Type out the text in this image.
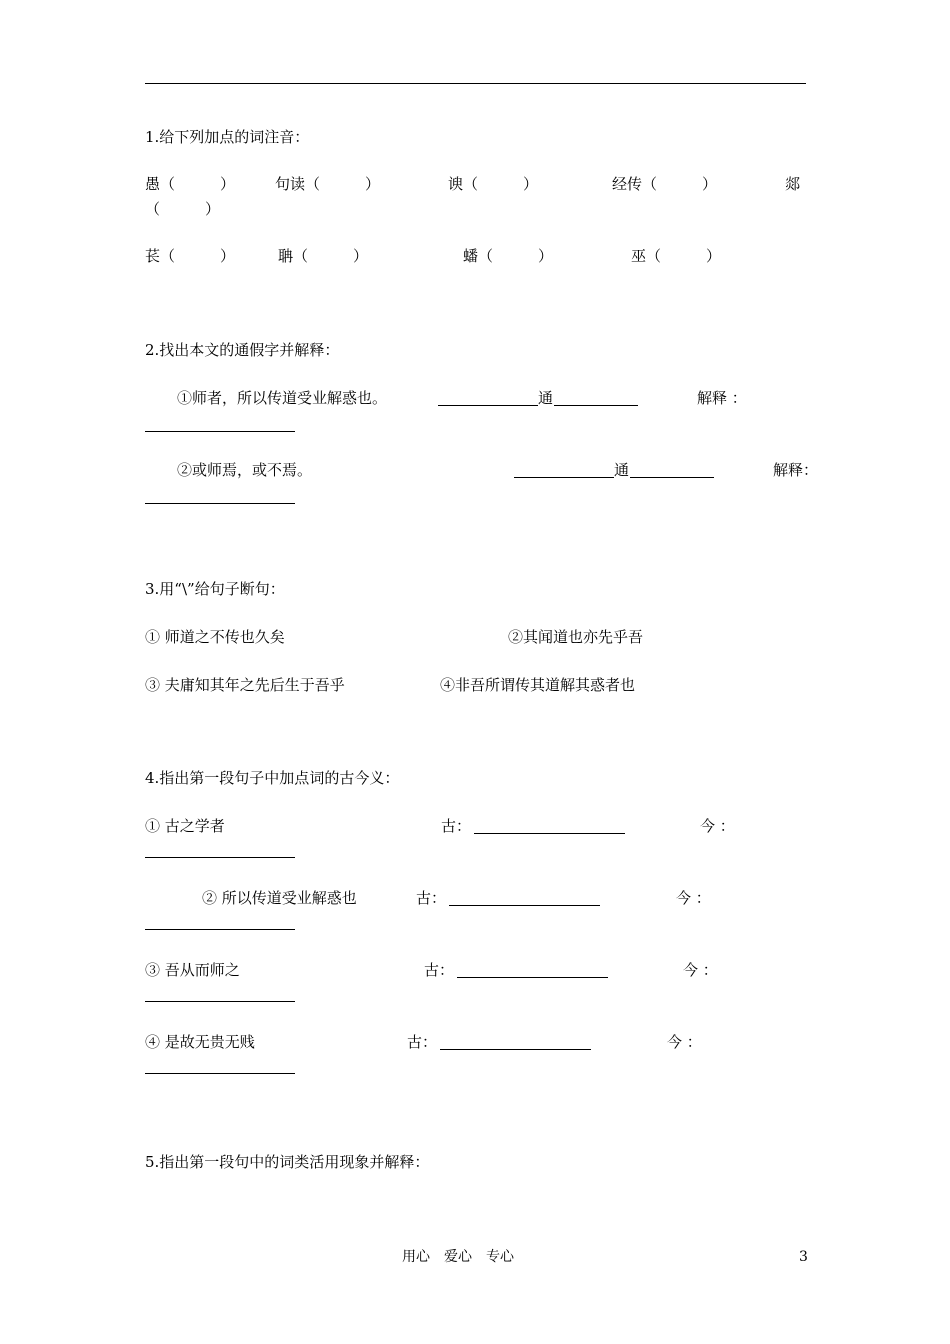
1.给下列加点的词注音：
愚（　　　）	句读（　　　）	谀（　　　）	经传（　　　）	郯
（　　　）
苌（　　　）	聃（　　　）	蟠（　　　）	巫（　　　）
2.找出本文的通假字并解释：
①师者，所以传道受业解惑也。	通	解释 ：
②或师焉，或不焉。	通	解释：
3.用“\”给句子断句：
① 师道之不传也久矣	②其闻道也亦先乎吾
③ 夫庸知其年之先后生于吾乎	④非吾所谓传其道解其惑者也
4.指出第一段句子中加点词的古今义：
① 古之学者	古：	今 ：
② 所以传道受业解惑也	古：	今 ：
③ 吾从而师之	古：	今 ：
④ 是故无贵无贱	古：	今 ：
5.指出第一段句中的词类活用现象并解释：
用心　爱心　专心	3
